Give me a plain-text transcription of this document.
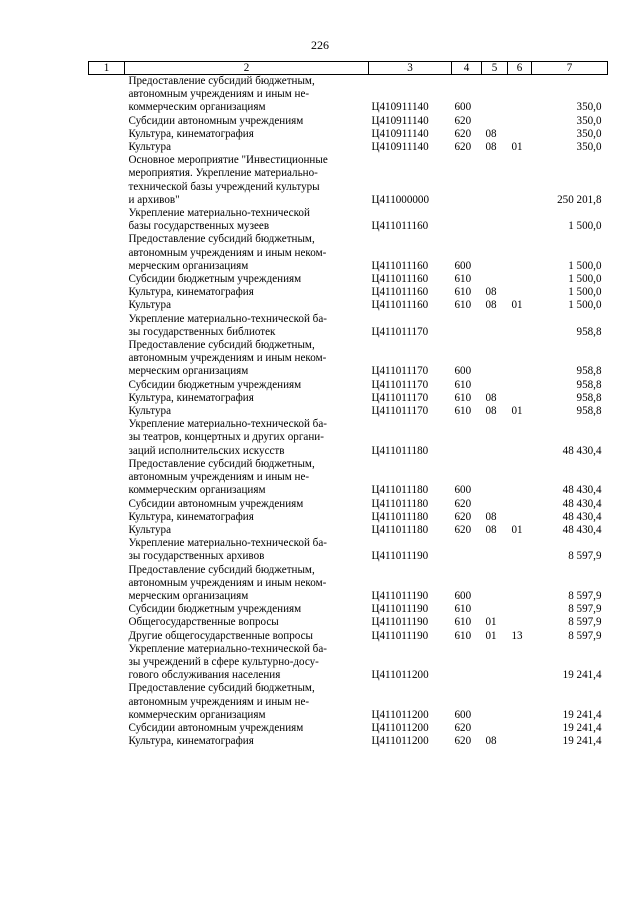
226
1	2	3	4	5	6	7

	Предоставление субсидий бюджетным,
автономным учреждениям и иным не-
коммерческим организациям	Ц410911140	600			350,0

	Субсидии автономным учреждениям	Ц410911140	620			350,0

	Культура, кинематография	Ц410911140	620	08		350,0

	Культура	Ц410911140	620	08	01	350,0

	Основное мероприятие "Инвестиционные
мероприятия. Укрепление материально-
технической базы учреждений культуры
и архивов"	Ц411000000				250 201,8

	Укрепление материально-технической
базы государственных музеев	Ц411011160				1 500,0

	Предоставление субсидий бюджетным,
автономным учреждениям и иным неком-
мерческим организациям	Ц411011160	600			1 500,0

	Субсидии бюджетным учреждениям	Ц411011160	610			1 500,0

	Культура, кинематография	Ц411011160	610	08		1 500,0

	Культура	Ц411011160	610	08	01	1 500,0

	Укрепление материально-технической ба-
зы государственных библиотек	Ц411011170				958,8

	Предоставление субсидий бюджетным,
автономным учреждениям и иным неком-
мерческим организациям	Ц411011170	600			958,8

	Субсидии бюджетным учреждениям	Ц411011170	610			958,8

	Культура, кинематография	Ц411011170	610	08		958,8

	Культура	Ц411011170	610	08	01	958,8

	Укрепление материально-технической ба-
зы театров, концертных и других органи-
заций исполнительских искусств	Ц411011180				48 430,4

	Предоставление субсидий бюджетным,
автономным учреждениям и иным не-
коммерческим организациям	Ц411011180	600			48 430,4

	Субсидии автономным учреждениям	Ц411011180	620			48 430,4

	Культура, кинематография	Ц411011180	620	08		48 430,4

	Культура	Ц411011180	620	08	01	48 430,4

	Укрепление материально-технической ба-
зы государственных архивов	Ц411011190				8 597,9

	Предоставление субсидий бюджетным,
автономным учреждениям и иным неком-
мерческим организациям	Ц411011190	600			8 597,9

	Субсидии бюджетным учреждениям	Ц411011190	610			8 597,9

	Общегосударственные вопросы	Ц411011190	610	01		8 597,9

	Другие общегосударственные вопросы	Ц411011190	610	01	13	8 597,9

	Укрепление материально-технической ба-
зы учреждений в сфере культурно-досу-
гового обслуживания населения	Ц411011200				19 241,4

	Предоставление субсидий бюджетным,
автономным учреждениям и иным не-
коммерческим организациям	Ц411011200	600			19 241,4

	Субсидии автономным учреждениям	Ц411011200	620			19 241,4

	Культура, кинематография	Ц411011200	620	08		19 241,4
